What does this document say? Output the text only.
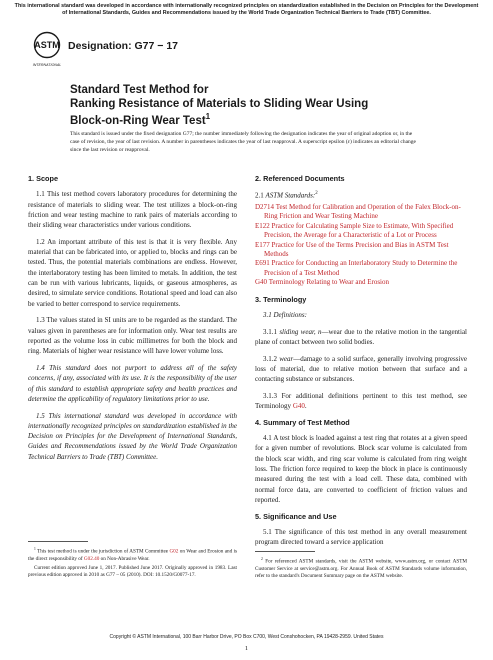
This international standard was developed in accordance with internationally recognized principles on standardization established in the Decision on Principles for the Development of International Standards, Guides and Recommendations issued by the World Trade Organization Technical Barriers to Trade (TBT) Committee.
ASTM
INTERNATIONAL
Designation: G77 − 17
Standard Test Method for
Ranking Resistance of Materials to Sliding Wear Using
Block-on-Ring Wear Test$^1$
This standard is issued under the fixed designation G77; the number immediately following the designation indicates the year of original adoption or, in the case of revision, the year of last revision. A number in parentheses indicates the year of last reapproval. A superscript epsilon (ε) indicates an editorial change since the last revision or reapproval.
1. Scope

1.1 This test method covers laboratory procedures for determining the resistance of materials to sliding wear. The test utilizes a block-on-ring friction and wear testing machine to rank pairs of materials according to their sliding wear characteristics under various conditions.

1.2 An important attribute of this test is that it is very flexible. Any material that can be fabricated into, or applied to, blocks and rings can be tested. Thus, the potential materials combinations are endless. However, the interlaboratory testing has been limited to metals. In addition, the test can be run with various lubricants, liquids, or gaseous atmospheres, as desired, to simulate service conditions. Rotational speed and load can also be varied to better correspond to service requirements.

1.3 The values stated in SI units are to be regarded as the standard. The values given in parentheses are for information only. Wear test results are reported as the volume loss in cubic millimetres for both the block and ring. Materials of higher wear resistance will have lower volume loss.

1.4 This standard does not purport to address all of the safety concerns, if any, associated with its use. It is the responsibility of the user of this standard to establish appropriate safety and health practices and determine the applicability of regulatory limitations prior to use.

1.5 This international standard was developed in accordance with internationally recognized principles on standardization established in the Decision on Principles for the Development of International Standards, Guides and Recommendations issued by the World Trade Organization Technical Barriers to Trade (TBT) Committee.

2. Referenced Documents
2.1 ASTM Standards:$^2$
D2714 Test Method for Calibration and Operation of the Falex Block-on-Ring Friction and Wear Testing Machine
E122 Practice for Calculating Sample Size to Estimate, With Specified Precision, the Average for a Characteristic of a Lot or Process
E177 Practice for Use of the Terms Precision and Bias in ASTM Test Methods
E691 Practice for Conducting an Interlaboratory Study to Determine the Precision of a Test Method
G40 Terminology Relating to Wear and Erosion
3. Terminology

3.1 Definitions:

3.1.1 sliding wear, n—wear due to the relative motion in the tangential plane of contact between two solid bodies.

3.1.2 wear—damage to a solid surface, generally involving progressive loss of material, due to relative motion between that surface and a contacting substance or substances.

3.1.3 For additional definitions pertinent to this test method, see Terminology G40.

4. Summary of Test Method

4.1 A test block is loaded against a test ring that rotates at a given speed for a given number of revolutions. Block scar volume is calculated from the block scar width, and ring scar volume is calculated from ring weight loss. The friction force required to keep the block in place is continuously measured during the test with a load cell. These data, combined with normal force data, are converted to coefficient of friction values and reported.

5. Significance and Use

5.1 The significance of this test method in any overall measurement program directed toward a service application

$^1$ This test method is under the jurisdiction of ASTM Committee G02 on Wear and Erosion and is the direct responsibility of G02.40 on Non-Abrasive Wear.

Current edition approved June 1, 2017. Published June 2017. Originally approved in 1983. Last previous edition approved in 2010 as G77 – 05 (2010). DOI: 10.1520/G0077-17.

$^2$ For referenced ASTM standards, visit the ASTM website, www.astm.org, or contact ASTM Customer Service at service@astm.org. For Annual Book of ASTM Standards volume information, refer to the standard's Document Summary page on the ASTM website.

Copyright © ASTM International, 100 Barr Harbor Drive, PO Box C700, West Conshohocken, PA 19428-2959. United States
1
